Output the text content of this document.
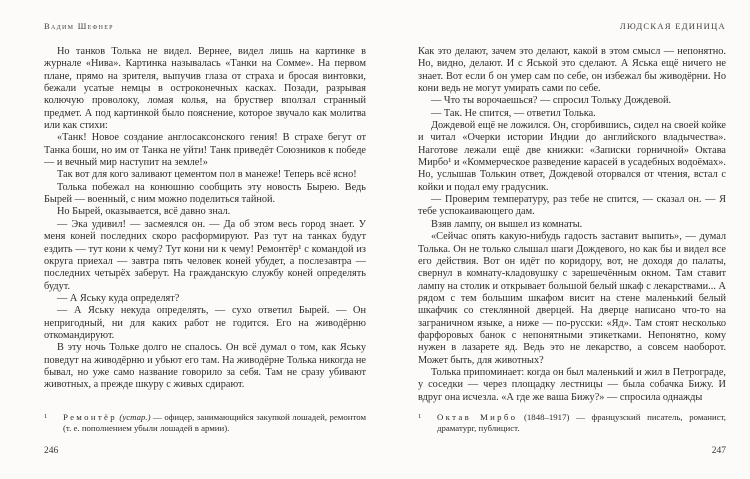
Вадим Шефнер

Но танков Толька не видел. Вернее, видел лишь на картинке в журнале «Нива». Картинка называлась «Танки на Сомме». На первом плане, прямо на зрителя, выпучив глаза от страха и бросая винтовки, бежали усатые немцы в остроконечных касках. Позади, разрывая колючую проволоку, ломая колья, на бруствер вползал странный предмет. А под картинкой было пояснение, которое звучало как молитва или как стихи:

«Танк! Новое создание англосаксонского гения! В страхе бегут от Танка боши, но им от Танка не уйти! Танк приведёт Союзников к победе — и вечный мир наступит на земле!»

Так вот для кого заливают цементом пол в манеже! Теперь всё ясно!

Толька побежал на конюшню сообщить эту новость Бырею. Ведь Бырей — военный, с ним можно поделиться тайной.

Но Бырей, оказывается, всё давно знал.

— Эка удивил! — засмеялся он. — Да об этом весь город знает. У меня коней последних скоро расформируют. Раз тут на танках будут ездить — тут кони к чему? Тут кони ни к чему! Ремонтёр¹ с командой из округа приехал — завтра пять человек коней убудет, а послезавтра — последних четырёх заберут. На гражданскую службу коней определять будут.

— А Яську куда определят?

— А Яську некуда определять, — сухо ответил Бырей. — Он непригодный, ни для каких работ не годится. Его на живодёрню откомандируют.

В эту ночь Тольке долго не спалось. Он всё думал о том, как Яську поведут на живодёрню и убьют его там. На живодёрне Толька никогда не бывал, но уже само название говорило за себя. Там не сразу убивают животных, а прежде шкуру с живых сдирают.

1	Ремонтёр (устар.) — офицер, занимающийся закупкой лошадей, ремонтом (т. е. пополнением убыли лошадей в армии).
246
ЛЮДСКАЯ ЕДИНИЦА

Как это делают, зачем это делают, какой в этом смысл — непонятно. Но, видно, делают. И с Яськой это сделают. А Яська ещё ничего не знает. Вот если б он умер сам по себе, он избежал бы живодёрни. Но кони ведь не могут умирать сами по себе.

— Что ты ворочаешься? — спросил Тольку Дождевой.

— Так. Не спится, — ответил Толька.

Дождевой ещё не ложился. Он, сгорбившись, сидел на своей койке и читал «Очерки истории Индии до английского владычества». Наготове лежали ещё две книжки: «Записки горничной» Октава Мирбо¹ и «Коммерческое разведение карасей в усадебных водоёмах». Но, услышав Толькин ответ, Дождевой оторвался от чтения, встал с койки и подал ему градусник.

— Проверим температуру, раз тебе не спится, — сказал он. — Я тебе успокаивающего дам.

Взяв лампу, он вышел из комнаты.

«Сейчас опять какую-нибудь гадость заставит выпить», — думал Толька. Он не только слышал шаги Дождевого, но как бы и видел все его действия. Вот он идёт по коридору, вот, не доходя до палаты, свернул в комнату-кладовушку с зарешечённым окном. Там ставит лампу на столик и открывает большой белый шкаф с лекарствами... А рядом с тем большим шкафом висит на стене маленький белый шкафчик со стеклянной дверцей. На дверце написано что-то на заграничном языке, а ниже — по-русски: «Яд». Там стоят несколько фарфоровых банок с непонятными этикетками. Непонятно, кому нужен в лазарете яд. Ведь это не лекарство, а совсем наоборот. Может быть, для животных?

Толька припоминает: когда он был маленький и жил в Петрограде, у соседки — через площадку лестницы — была собачка Бижу. И вдруг она исчезла. «А где же ваша Бижу?» — спросила однажды

1	Октав Мирбо (1848–1917) — французский писатель, романист, драматург, публицист.
247
